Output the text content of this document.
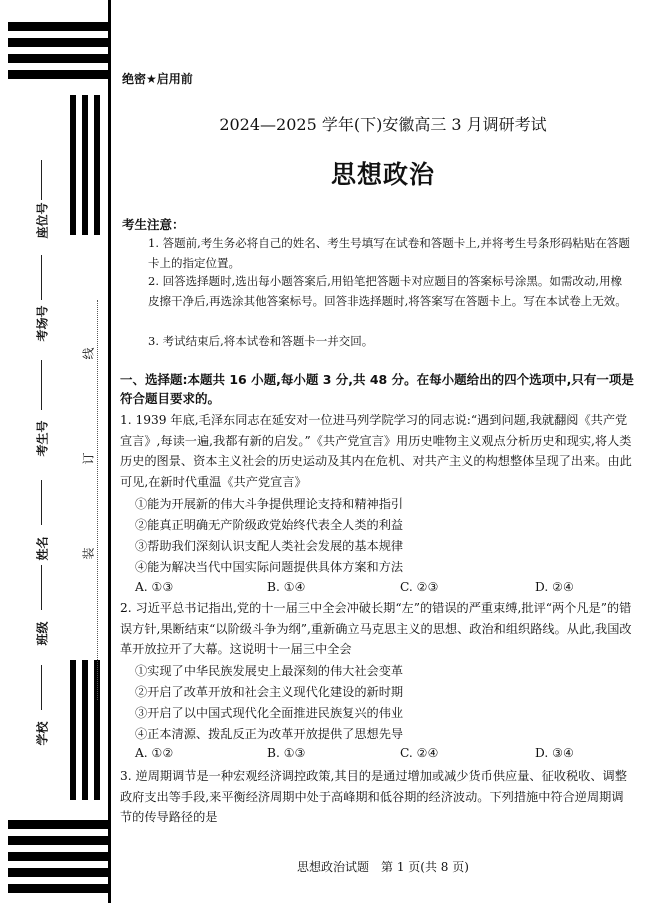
学校
班级
姓名
考生号
考场号
座位号
装
订
线
绝密★启用前
2024—2025 学年(下)安徽高三 3 月调研考试
思想政治
考生注意：
1. 答题前,考生务必将自己的姓名、考生号填写在试卷和答题卡上,并将考生号条形码粘贴在答题卡上的指定位置。
2. 回答选择题时,选出每小题答案后,用铅笔把答题卡对应题目的答案标号涂黑。如需改动,用橡皮擦干净后,再选涂其他答案标号。回答非选择题时,将答案写在答题卡上。写在本试卷上无效。
3. 考试结束后,将本试卷和答题卡一并交回。
一、选择题:本题共 16 小题,每小题 3 分,共 48 分。在每小题给出的四个选项中,只有一项是符合题目要求的。
1. 1939 年底,毛泽东同志在延安对一位进马列学院学习的同志说:“遇到问题,我就翻阅《共产党宣言》,每读一遍,我都有新的启发。”《共产党宣言》用历史唯物主义观点分析历史和现实,将人类历史的图景、资本主义社会的历史运动及其内在危机、对共产主义的构想整体呈现了出来。由此可见,在新时代重温《共产党宣言》
①能为开展新的伟大斗争提供理论支持和精神指引
②能真正明确无产阶级政党始终代表全人类的利益
③帮助我们深刻认识支配人类社会发展的基本规律
④能为解决当代中国实际问题提供具体方案和方法
A. ①③	B. ①④	C. ②③	D. ②④
2. 习近平总书记指出,党的十一届三中全会冲破长期“左”的错误的严重束缚,批评“两个凡是”的错误方针,果断结束“以阶级斗争为纲”,重新确立马克思主义的思想、政治和组织路线。从此,我国改革开放拉开了大幕。这说明十一届三中全会
①实现了中华民族发展史上最深刻的伟大社会变革
②开启了改革开放和社会主义现代化建设的新时期
③开启了以中国式现代化全面推进民族复兴的伟业
④正本清源、拨乱反正为改革开放提供了思想先导
A. ①②	B. ①③	C. ②④	D. ③④
3. 逆周期调节是一种宏观经济调控政策,其目的是通过增加或减少货币供应量、征收税收、调整政府支出等手段,来平衡经济周期中处于高峰期和低谷期的经济波动。下列措施中符合逆周期调节的传导路径的是
思想政治试题　第 1 页(共 8 页)
